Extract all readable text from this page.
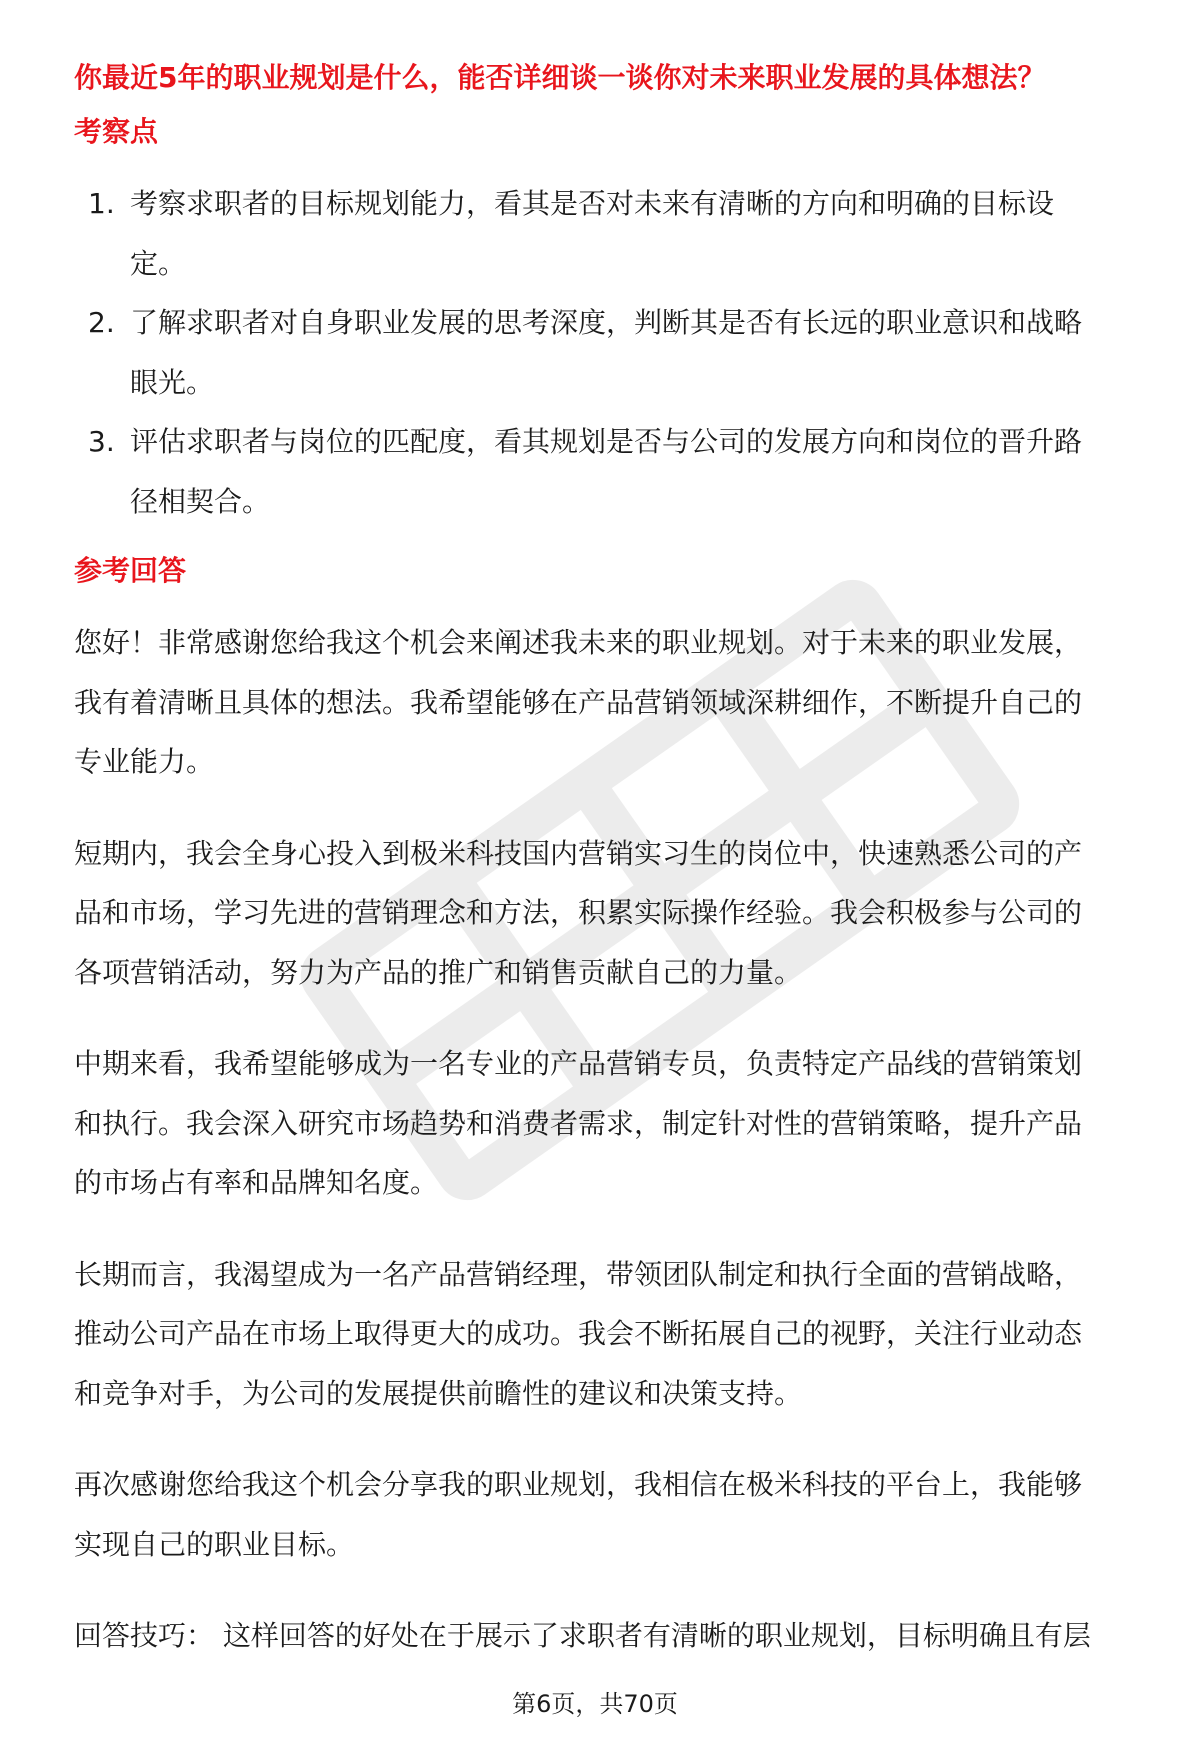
你最近5年的职业规划是什么，能否详细谈一谈你对未来职业发展的具体想法？
考察点
1. 考察求职者的目标规划能力，看其是否对未来有清晰的方向和明确的目标设
定。
2. 了解求职者对自身职业发展的思考深度，判断其是否有长远的职业意识和战略
眼光。
3. 评估求职者与岗位的匹配度，看其规划是否与公司的发展方向和岗位的晋升路
径相契合。
参考回答
您好！非常感谢您给我这个机会来阐述我未来的职业规划。对于未来的职业发展，
我有着清晰且具体的想法。我希望能够在产品营销领域深耕细作，不断提升自己的
专业能力。
短期内，我会全身心投入到极米科技国内营销实习生的岗位中，快速熟悉公司的产
品和市场，学习先进的营销理念和方法，积累实际操作经验。我会积极参与公司的
各项营销活动，努力为产品的推广和销售贡献自己的力量。
中期来看，我希望能够成为一名专业的产品营销专员，负责特定产品线的营销策划
和执行。我会深入研究市场趋势和消费者需求，制定针对性的营销策略，提升产品
的市场占有率和品牌知名度。
长期而言，我渴望成为一名产品营销经理，带领团队制定和执行全面的营销战略，
推动公司产品在市场上取得更大的成功。我会不断拓展自己的视野，关注行业动态
和竞争对手，为公司的发展提供前瞻性的建议和决策支持。
再次感谢您给我这个机会分享我的职业规划，我相信在极米科技的平台上，我能够
实现自己的职业目标。

回答技巧： 这样回答的好处在于展示了求职者有清晰的职业规划，目标明确且有层

第6页，共70页
